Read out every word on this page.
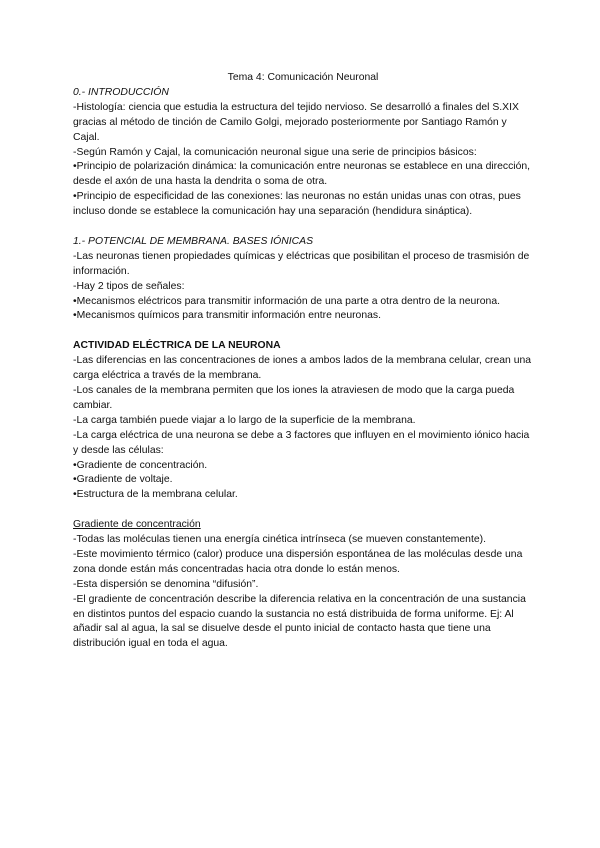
Tema 4: Comunicación Neuronal

0.- INTRODUCCIÓN

-Histología: ciencia que estudia la estructura del tejido nervioso. Se desarrolló a finales del S.XIX gracias al método de tinción de Camilo Golgi, mejorado posteriormente por Santiago Ramón y Cajal.

-Según Ramón y Cajal, la comunicación neuronal sigue una serie de principios básicos:

•Principio de polarización dinámica: la comunicación entre neuronas se establece en una dirección, desde el axón de una hasta la dendrita o soma de otra.

•Principio de especificidad de las conexiones: las neuronas no están unidas unas con otras, pues incluso donde se establece la comunicación hay una separación (hendidura sináptica).

1.- POTENCIAL DE MEMBRANA. BASES IÓNICAS

-Las neuronas tienen propiedades químicas y eléctricas que posibilitan el proceso de trasmisión de información.

-Hay 2 tipos de señales:

•Mecanismos eléctricos para transmitir información de una parte a otra dentro de la neurona.

•Mecanismos químicos para transmitir información entre neuronas.

ACTIVIDAD ELÉCTRICA DE LA NEURONA

-Las diferencias en las concentraciones de iones a ambos lados de la membrana celular, crean una carga eléctrica a través de la membrana.

-Los canales de la membrana permiten que los iones la atraviesen de modo que la carga pueda cambiar.

-La carga también puede viajar a lo largo de la superficie de la membrana.

-La carga eléctrica de una neurona se debe a 3 factores que influyen en el movimiento iónico hacia y desde las células:

•Gradiente de concentración.

•Gradiente de voltaje.

•Estructura de la membrana celular.

Gradiente de concentración

-Todas las moléculas tienen una energía cinética intrínseca (se mueven constantemente).

-Este movimiento térmico (calor) produce una dispersión espontánea de las moléculas desde una zona donde están más concentradas hacia otra donde lo están menos.

-Esta dispersión se denomina “difusión”.

-El gradiente de concentración describe la diferencia relativa en la concentración de una sustancia en distintos puntos del espacio cuando la sustancia no está distribuida de forma uniforme. Ej: Al añadir sal al agua, la sal se disuelve desde el punto inicial de contacto hasta que tiene una distribución igual en toda el agua.
